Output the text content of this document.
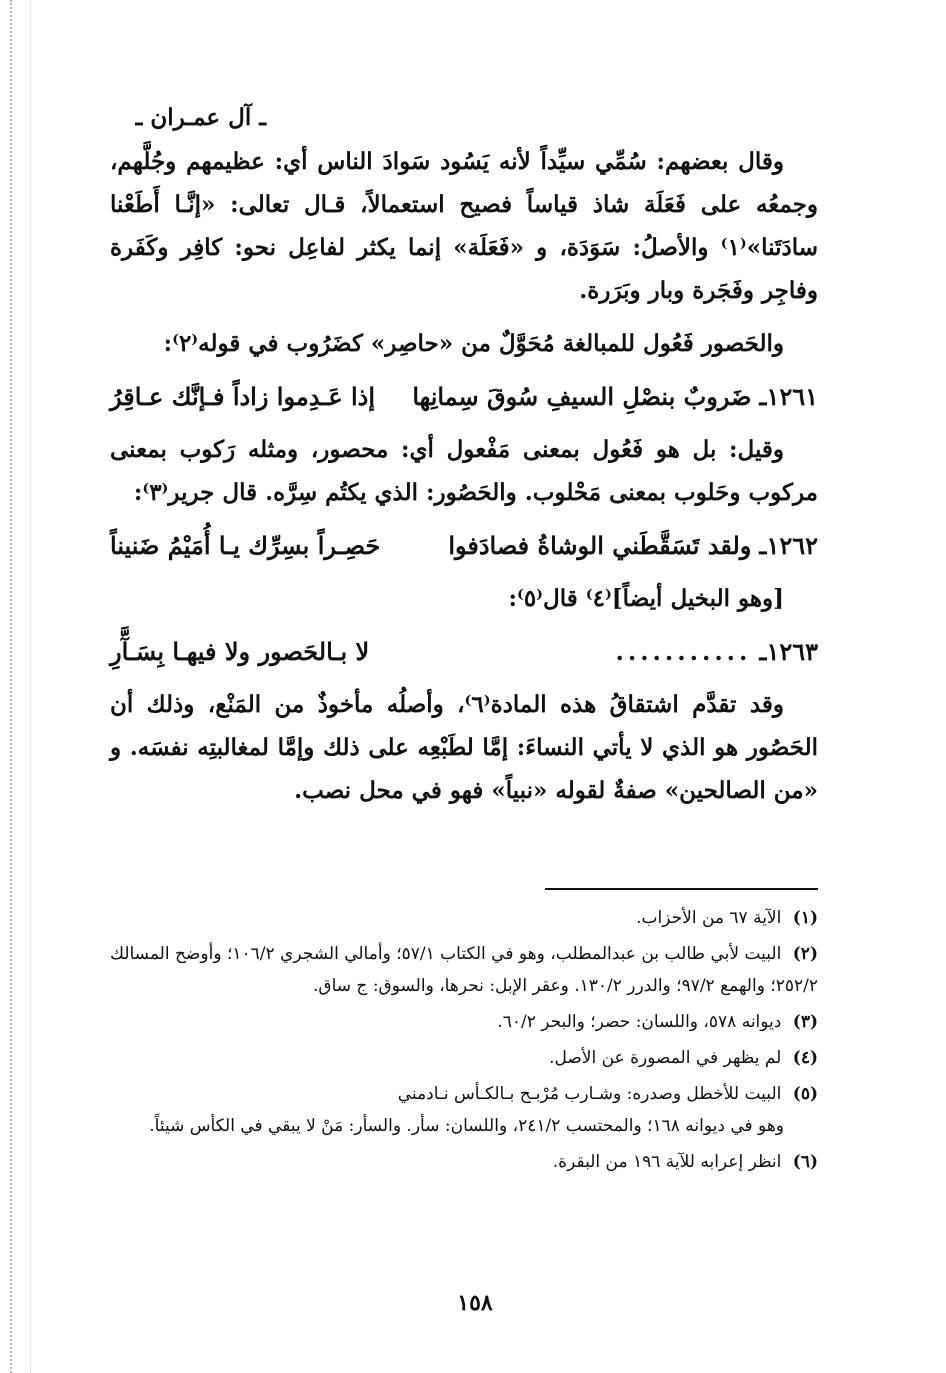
ـ آل عمـران ـ

وقال بعضهم: سُمِّي سيِّداً لأنه يَسُود سَوادَ الناس أي: عظيمهم وجُلَّهم، وجمعُه على فَعَلَة شاذ قياساً فصيح استعمالاً، قـال تعالى: «إنَّـا أَطَعْنا سادَتَنا»⁽١⁾ والأصلُ: سَوَدَة، و «فَعَلَة» إنما يكثر لفاعِل نحو: كافِر وكَفَرة وفاجِر وفَجَرة وبار وبَرَرة.

والحَصور فَعُول للمبالغة مُحَوَّلٌ من «حاصِر» كضَرُوب في قوله⁽٢⁾:

١٢٦١ـ
ضَروبٌ بنصْلِ السيفِ سُوقَ سِمانِها
إذا عَـدِموا زاداً فـإنَّك عـاقِرُ

وقيل: بل هو فَعُول بمعنى مَفْعول أي: محصور، ومثله رَكوب بمعنى مركوب وحَلوب بمعنى مَحْلوب. والحَصُور: الذي يكتُم سِرَّه. قال جرير⁽٣⁾:

١٢٦٢ـ
ولقد تَسَقَّطَني الوشاةُ فصادَفوا
حَصِـراً بسِرِّك يـا أُمَيْمُ ضَنيناً

[وهو البخيل أيضاً]⁽٤⁾ قال⁽٥⁾:

١٢٦٣ـ
...........
لا بـالحَصور ولا فيهـا بِسَـآَّرِ

وقد تقدَّم اشتقاقُ هذه المادة⁽٦⁾، وأصلُه مأخوذٌ من المَنْع، وذلك أن الحَصُور هو الذي لا يأتي النساءَ: إمَّا لطَبْعِه على ذلك وإمَّا لمغالبتِه نفسَه. و «من الصالحين» صفةٌ لقوله «نبياً» فهو في محل نصب.

(١) الآية ٦٧ من الأحزاب.
(٢) البيت لأبي طالب بن عبدالمطلب، وهو في الكتاب ٥٧/١؛ وأمالي الشجري ١٠٦/٢؛ وأوضح المسالك ٢٥٢/٢؛ والهمع ٩٧/٢؛ والدرر ١٣٠/٢. وعقر الإبل: نحرها، والسوق: ج ساق.
(٣) ديوانه ٥٧٨، واللسان: حصر؛ والبحر ٦٠/٢.
(٤) لم يظهر في المصورة عن الأصل.
(٥) البيت للأخطل وصدره: وشـارب مُرْبـح بـالكـأس نـادمني
وهو في ديوانه ١٦٨؛ والمحتسب ٢٤١/٢، واللسان: سأر. والسأر: مَنْ لا يبقي في الكأس شيئاً.
(٦) انظر إعرابه للآية ١٩٦ من البقرة.
١٥٨
